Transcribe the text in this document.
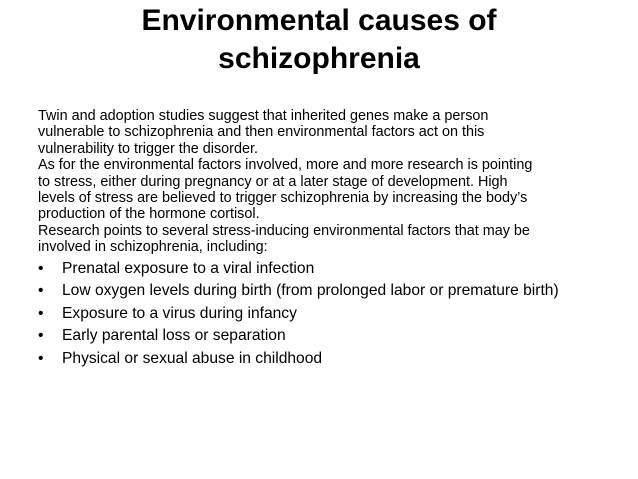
Environmental causes of
schizophrenia

Twin and adoption studies suggest that inherited genes make a person
vulnerable to schizophrenia and then environmental factors act on this
vulnerability to trigger the disorder.

As for the environmental factors involved, more and more research is pointing
to stress, either during pregnancy or at a later stage of development. High
levels of stress are believed to trigger schizophrenia by increasing the body’s
production of the hormone cortisol.

Research points to several stress-inducing environmental factors that may be
involved in schizophrenia, including:

• Prenatal exposure to a viral infection
• Low oxygen levels during birth (from prolonged labor or premature birth)
• Exposure to a virus during infancy
• Early parental loss or separation
• Physical or sexual abuse in childhood
